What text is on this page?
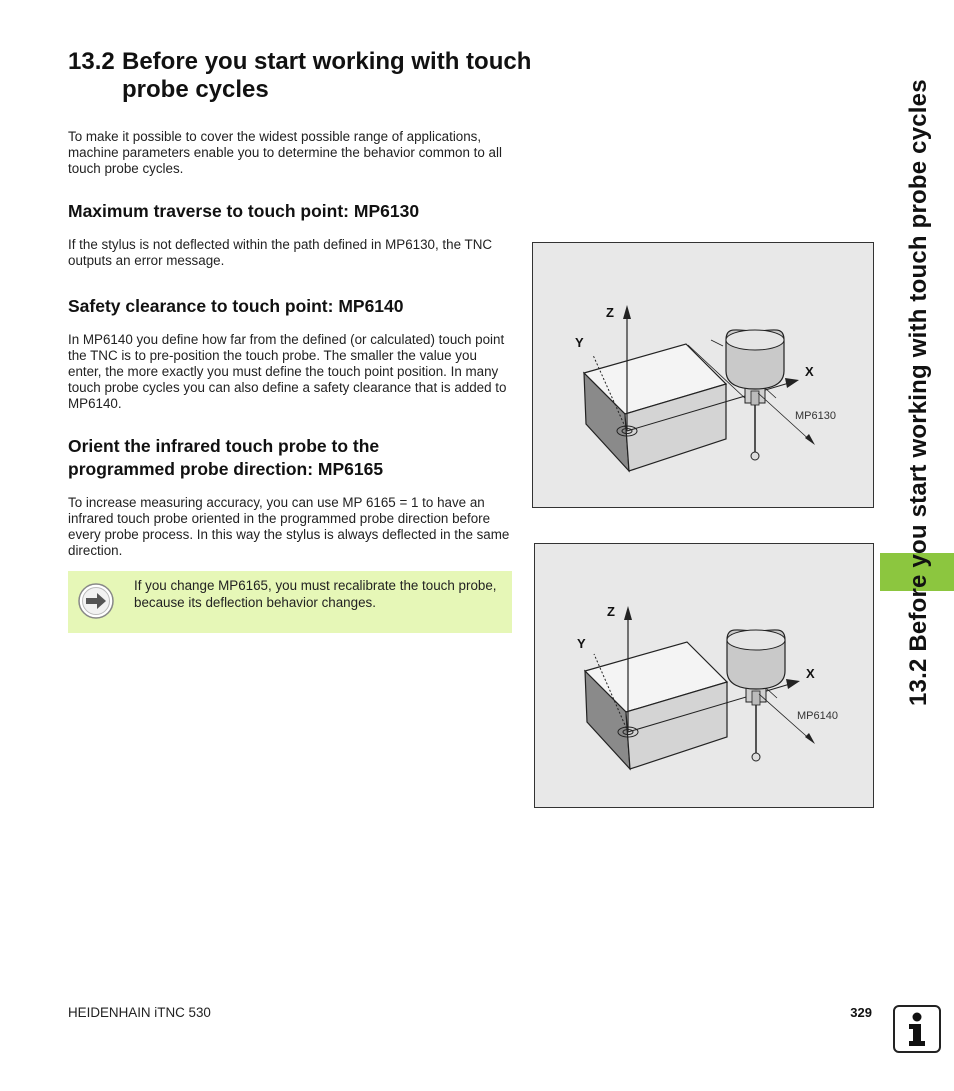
13.2 Before you start working with touch probe cycles
To make it possible to cover the widest possible range of applications, machine parameters enable you to determine the behavior common to all touch probe cycles.
Maximum traverse to touch point: MP6130
If the stylus is not deflected within the path defined in MP6130, the TNC outputs an error message.
Safety clearance to touch point: MP6140
In MP6140 you define how far from the defined (or calculated) touch point the TNC is to pre-position the touch probe. The smaller the value you enter, the more exactly you must define the touch point position. In many touch probe cycles you can also define a safety clearance that is added to MP6140.
Orient the infrared touch probe to the programmed probe direction: MP6165
To increase measuring accuracy, you can use MP 6165 = 1 to have an infrared touch probe oriented in the programmed probe direction before every probe process. In this way the stylus is always deflected in the same direction.
If you change MP6165, you must recalibrate the touch probe, because its deflection behavior changes.
Z
Y
X
MP6130
Z
Y
X
MP6140
13.2 Before you start working with touch probe cycles
HEIDENHAIN iTNC 530	329
